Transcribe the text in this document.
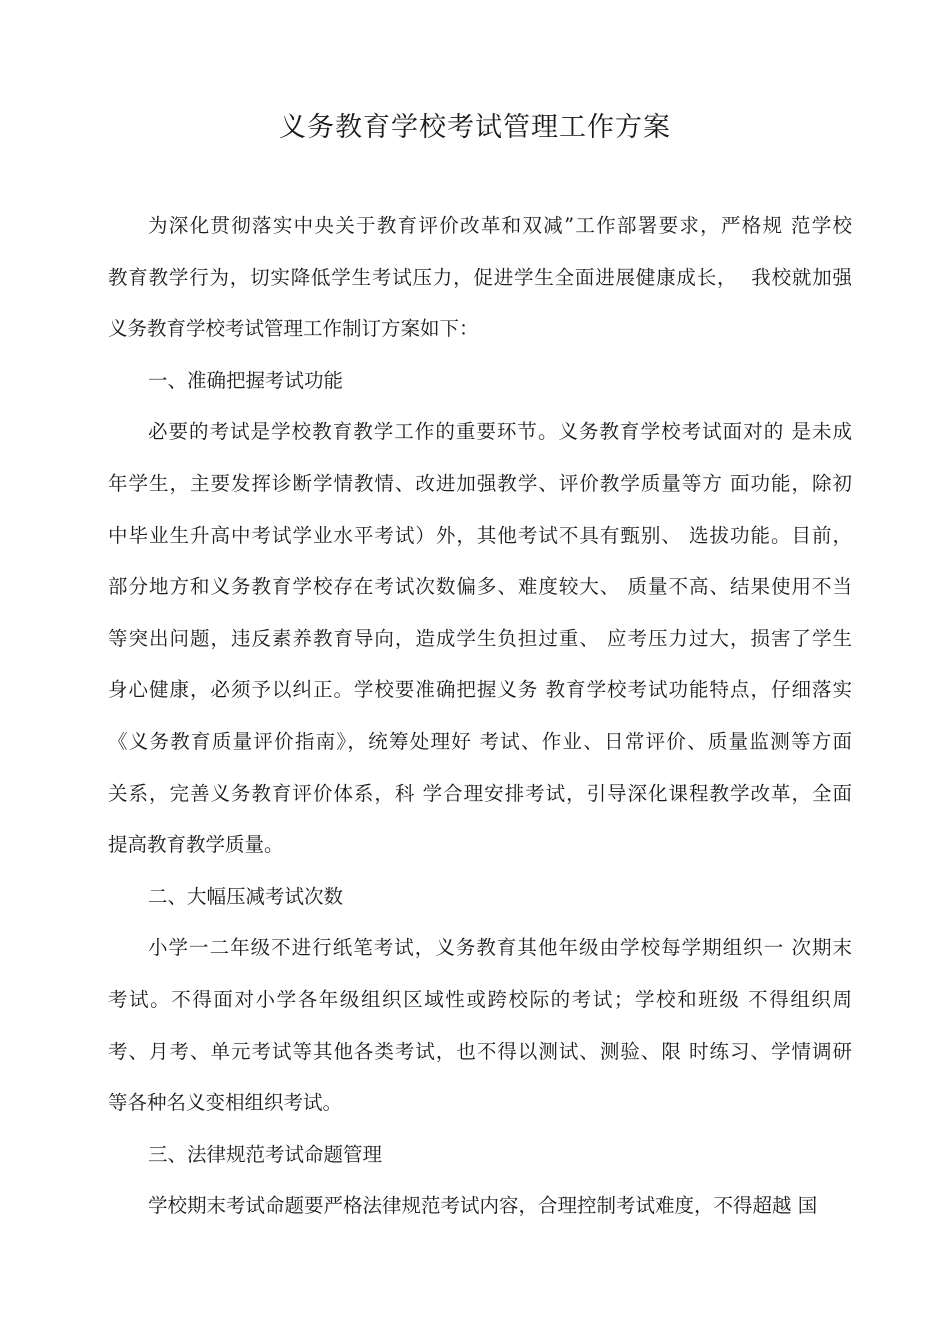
义务教育学校考试管理工作方案
为深化贯彻落实中央关于教育评价改革和双减”工作部署要求，严格规 范学校
教育教学行为，切实降低学生考试压力，促进学生全面进展健康成长，  我校就加强
义务教育学校考试管理工作制订方案如下：
一、准确把握考试功能
必要的考试是学校教育教学工作的重要环节。义务教育学校考试面对的 是未成
年学生，主要发挥诊断学情教情、改进加强教学、评价教学质量等方 面功能，除初
中毕业生升高中考试学业水平考试）外，其他考试不具有甄别、 选拔功能。目前，
部分地方和义务教育学校存在考试次数偏多、难度较大、 质量不高、结果使用不当
等突出问题，违反素养教育导向，造成学生负担过重、 应考压力过大，损害了学生
身心健康，必须予以纠正。学校要准确把握义务 教育学校考试功能特点，仔细落实
《义务教育质量评价指南》，统筹处理好 考试、作业、日常评价、质量监测等方面
关系，完善义务教育评价体系，科 学合理安排考试，引导深化课程教学改革，全面
提高教育教学质量。
二、大幅压减考试次数
小学一二年级不进行纸笔考试，义务教育其他年级由学校每学期组织一 次期末
考试。不得面对小学各年级组织区域性或跨校际的考试；学校和班级 不得组织周
考、月考、单元考试等其他各类考试，也不得以测试、测验、限 时练习、学情调研
等各种名义变相组织考试。
三、法律规范考试命题管理
学校期末考试命题要严格法律规范考试内容，合理控制考试难度，不得超越 国
